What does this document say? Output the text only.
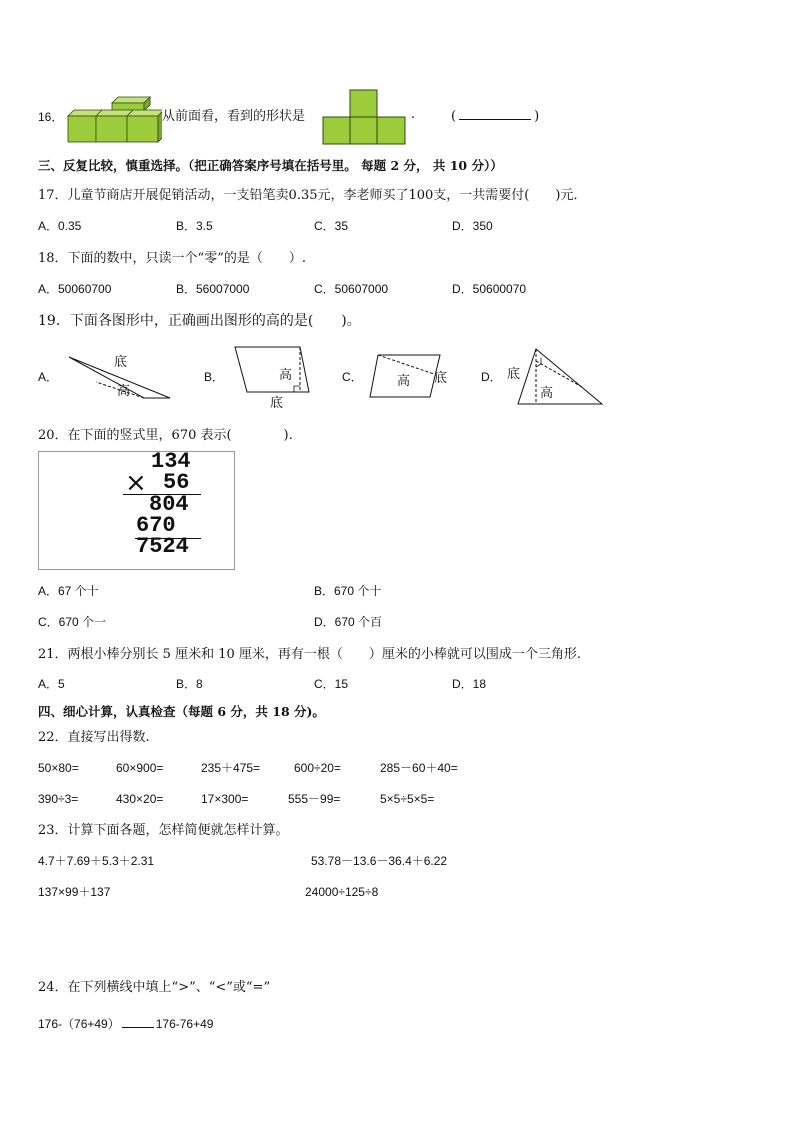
16．	从前面看，看到的形状是	.	(	)
三、反复比较，慎重选择。（把正确答案序号填在括号里。 每题 2 分， 共 10 分））
17．儿童节商店开展促销活动，一支铅笔卖0.35元，李老师买了100支，一共需要付(　　)元．
A．0.35	B．3.5	C．35	D．350
18．下面的数中，只读一个“零”的是（　　）.
A．50060700	B．56007000	C．50607000	D．50600070
19．下面各图形中，正确画出图形的高的是(　　)。
A．
底
高
B．	高
底
C．	高 底	D． 底
高
20．在下面的竖式里，670 表示(　　　　).
134
× 56
804
670
7524
A．67 个十	B．670 个十
C．670 个一	D．670 个百
21．两根小棒分别长 5 厘米和 10 厘米，再有一根（　　）厘米的小棒就可以围成一个三角形.
A．5	B．8	C．15	D．18
四、细心计算，认真检查（每题 6 分，共 18 分)。
22．直接写出得数.
50×80=	60×900=	235＋475=	600÷20=	285－60＋40=
390÷3=	430×20=	17×300=	555－99=	5×5÷5×5=
23．计算下面各题，怎样简便就怎样计算。
4.7＋7.69＋5.3＋2.31	53.78－13.6－36.4＋6.22
137×99＋137	24000÷125÷8
24．在下列横线中填上“>”、“<”或“=”
176-（76+49）	176-76+49
